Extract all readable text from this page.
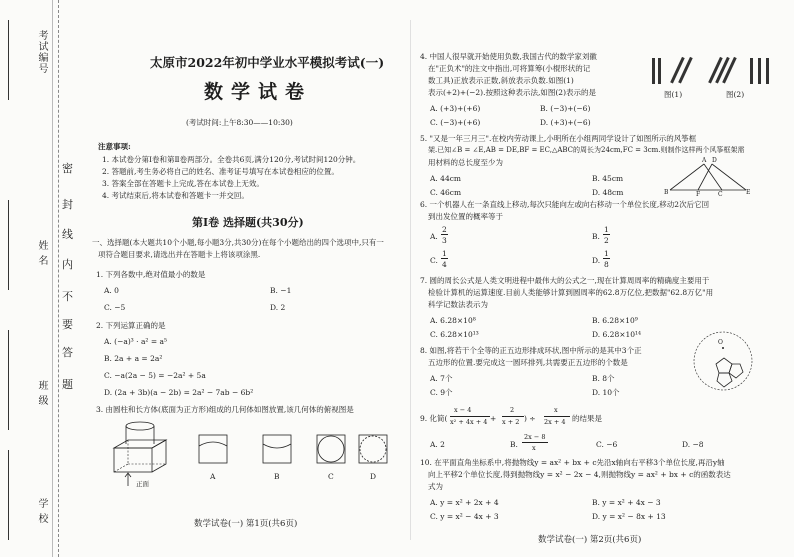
考试编号
姓 名
班 级
学 校
密
封
线
内
不
要
答
题
太原市2022年初中学业水平模拟考试(一)
数学试卷
(考试时间:上午8:30——10:30)
注意事项:
1. 本试卷分第Ⅰ卷和第Ⅱ卷两部分。全卷共6页,满分120分,考试时间120分钟。
2. 答题前,考生务必将自己的姓名、准考证号填写在本试卷相应的位置。
3. 答案全部在答题卡上完成,答在本试卷上无效。
4. 考试结束后,将本试卷和答题卡一并交回。
第Ⅰ卷 选择题(共30分)
一、选择题(本大题共10个小题,每小题3分,共30分)在每个小题给出的四个选项中,只有一
项符合题目要求,请选出并在答题卡上将该项涂黑.
1. 下列各数中,绝对值最小的数是
A. 0	B. −1
C. −5	D. 2
2. 下列运算正确的是
A. (−a)³ · a² = a⁵
B. 2a + a = 2a²
C. −a(2a − 5) = −2a² + 5a
D. (2a + 3b)(a − 2b) = 2a² − 7ab − 6b²
3. 由圆柱和长方体(底面为正方形)组成的几何体如图放置,该几何体的俯视图是
正面
A	B	C	D
数学试卷(一) 第1页(共6页)
4. 中国人很早就开始使用负数,我国古代的数学家刘徽
在"正负术"的注文中指出,可将算筹(小棍形状的记
数工具)正放表示正数,斜放表示负数.如图(1)
表示(+2)+(−2).按照这种表示法,如图(2)表示的是
A. (+3)+(+6)	B. (−3)+(−6)
C. (−3)+(+6)	D. (+3)+(−6)
图(1)	图(2)
5. "又是一年三月三".在校内劳动课上,小明所在小组两同学设计了如图所示的风筝框
架.已知∠B = ∠E,AB = DE,BF = EC,△ABC的周长为24cm,FC = 3cm.则制作这样两个风筝框架需
用材料的总长度至少为
A. 44cm	B. 45cm
C. 46cm	D. 48cm
A D
B	F	C	E
6. 一个机器人在一条直线上移动,每次只能向左或向右移动一个单位长度,移动2次后它回
到出发位置的概率等于
A.
2
3	B.
1
2
C.
1
4	D.
1
8
7. 圆的周长公式是人类文明进程中最伟大的公式之一,现在计算周周率的精确度主要用于
检验计算机的运算速度.目前人类能够计算到圆周率的62.8万亿位,把数据"62.8万亿"用
科学记数法表示为
A. 6.28×10⁸	B. 6.28×10⁹
C. 6.28×10¹³	D. 6.28×10¹⁴
8. 如图,将若干个全等的正五边形排成环状,图中所示的是其中3个正
五边形的位置.要完成这一圆环排列,共需要正五边形的个数是
A. 7个	B. 8个
C. 9个	D. 10个
O
9. 化简(
x − 4
x² + 4x + 4 +
2
x + 2 ) ÷
x
2x + 4 的结果是
A. 2	B.
2x − 8
x	C. −6	D. −8
10. 在平面直角坐标系中,将抛物线y = ax² + bx + c先沿x轴向右平移3个单位长度,再沿y轴
向上平移2个单位长度,得到抛物线y = x² − 2x − 4,则抛物线y = ax² + bx + c的函数表达
式为
A. y = x² + 2x + 4	B. y = x² + 4x − 3
C. y = x² − 4x + 3	D. y = x² − 8x + 13
数学试卷(一) 第2页(共6页)
